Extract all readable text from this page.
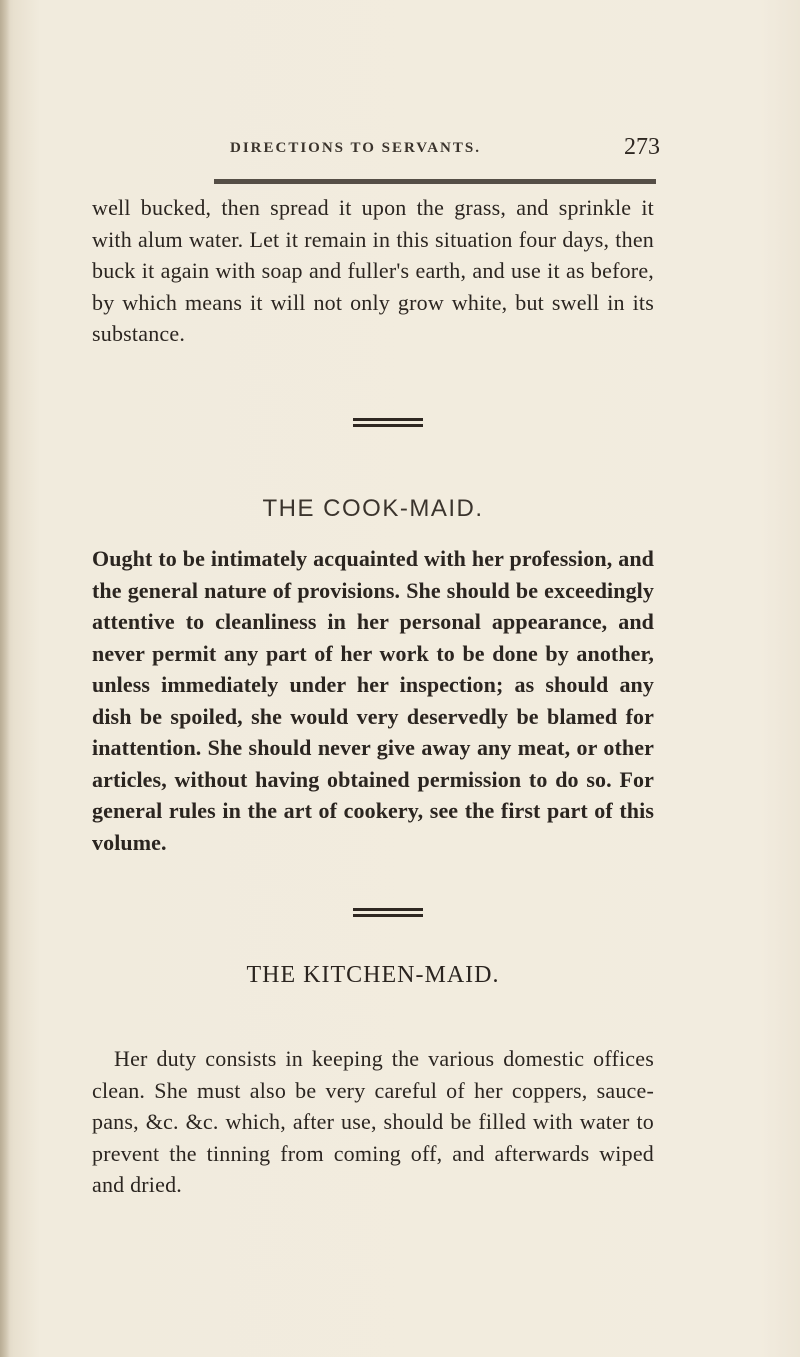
DIRECTIONS TO SERVANTS.	273

well bucked, then spread it upon the grass, and sprinkle it with alum water. Let it remain in this situation four days, then buck it again with soap and fuller's earth, and use it as before, by which means it will not only grow white, but swell in its substance.

THE COOK-MAID.

Ought to be intimately acquainted with her profession, and the general nature of provisions. She should be exceedingly attentive to cleanliness in her personal appearance, and never permit any part of her work to be done by another, unless immediately under her inspection; as should any dish be spoiled, she would very deservedly be blamed for inattention. She should never give away any meat, or other articles, without having obtained permission to do so. For general rules in the art of cookery, see the first part of this volume.

THE KITCHEN-MAID.

Her duty consists in keeping the various domestic offices clean. She must also be very careful of her coppers, sauce-pans, &c. &c. which, after use, should be filled with water to prevent the tinning from coming off, and afterwards wiped and dried.
